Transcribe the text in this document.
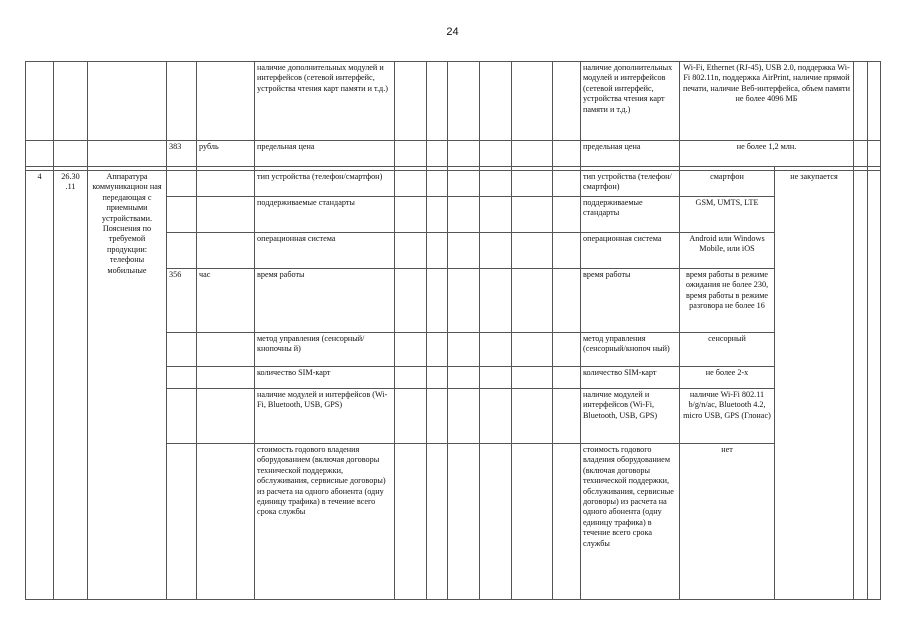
24
					наличие дополнительных модулей и интерфейсов (сетевой интерфейс, устройства чтения карт памяти и т.д.)							наличие дополнительных модулей и интерфейсов (сетевой интерфейс, устройства чтения карт памяти и т.д.)	Wi-Fi, Ethernet (RJ-45), USB 2.0, поддержка Wi-Fi 802.11n, поддержка AirPrint, наличие прямой печати, наличие Веб-интерфейса, объем памяти не более 4096 МБ			
			383	рубль	предельная цена							предельная цена	не более 1,2 млн.			

4	26.30 .11	Аппаратура коммуникацион ная передающая с приемными устройствами. Пояснения по требуемой продукции: телефоны мобильные			тип устройства (телефон/смартфон)							тип устройства (телефон/смартфон)	смартфон	не закупается		
					поддерживаемые стандарты							поддерживаемые стандарты	GSM, UMTS, LTE			
					операционная система							операционная система	Android или Windows Mobile, или iOS			
			356	час	время работы							время работы	время работы в режиме ожидания не более 230, время работы в режиме разговора не более 16			
					метод управления (сенсорный/кнопочны й)							метод управления (сенсорный/кнопоч ный)	сенсорный			
					количество SIM-карт							количество SIM-карт	не более 2-х			
					наличие модулей и интерфейсов (Wi-Fi, Bluetooth, USB, GPS)							наличие модулей и интерфейсов (Wi-Fi, Bluetooth, USB, GPS)	наличие Wi-Fi 802.11 b/g/n/ac, Bluetooth 4.2, micro USB, GPS (Глонас)			
					стоимость годового владения оборудованием (включая договоры технической поддержки, обслуживания, сервисные договоры) из расчета на одного абонента (одну единицу трафика) в течение всего срока службы							стоимость годового владения оборудованием (включая договоры технической поддержки, обслуживания, сервисные договоры) из расчета на одного абонента (одну единицу трафика) в течение всего срока службы	нет			
